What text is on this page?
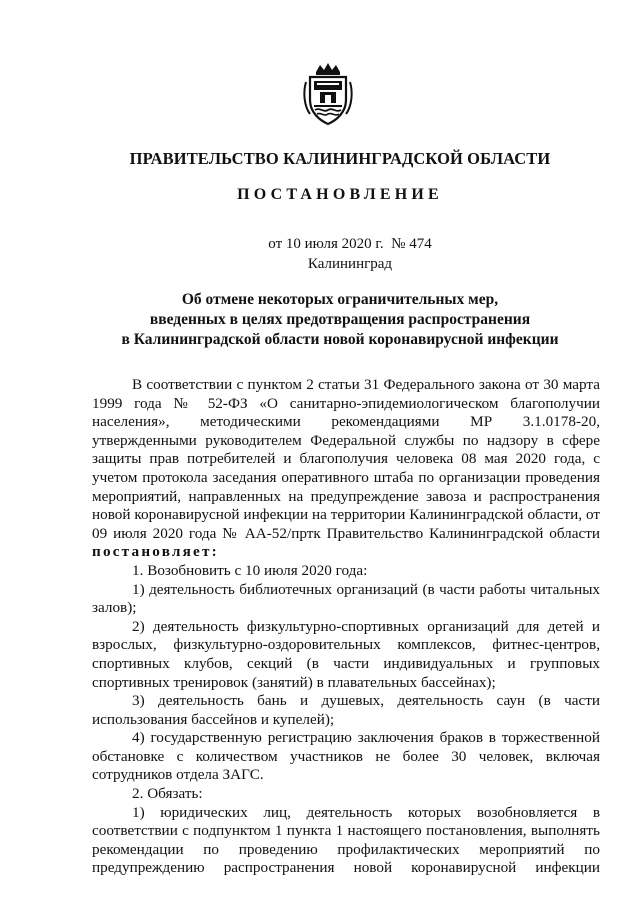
ПРАВИТЕЛЬСТВО КАЛИНИНГРАДСКОЙ ОБЛАСТИ
ПОСТАНОВЛЕНИЕ
от 10 июля 2020 г. № 474
Калининград
Об отмене некоторых ограничительных мер,
введенных в целях предотвращения распространения
в Калининградской области новой коронавирусной инфекции

В соответствии с пунктом 2 статьи 31 Федерального закона от 30 марта 1999 года № 52-ФЗ «О санитарно-эпидемиологическом благополучии населения», методическими рекомендациями МР 3.1.0178-20, утвержденными руководителем Федеральной службы по надзору в сфере защиты прав потребителей и благополучия человека 08 мая 2020 года, с учетом протокола заседания оперативного штаба по организации проведения мероприятий, направленных на предупреждение завоза и распространения новой коронавирусной инфекции на территории Калининградской области, от 09 июля 2020 года № АА-52/пртк Правительство Калининградской области постановляет:

1. Возобновить с 10 июля 2020 года:

1) деятельность библиотечных организаций (в части работы читальных залов);

2) деятельность физкультурно-спортивных организаций для детей и взрослых, физкультурно-оздоровительных комплексов, фитнес-центров, спортивных клубов, секций (в части индивидуальных и групповых спортивных тренировок (занятий) в плавательных бассейнах);

3) деятельность бань и душевых, деятельность саун (в части использования бассейнов и купелей);

4) государственную регистрацию заключения браков в торжественной обстановке с количеством участников не более 30 человек, включая сотрудников отдела ЗАГС.

2. Обязать:

1) юридических лиц, деятельность которых возобновляется в соответствии с подпунктом 1 пункта 1 настоящего постановления, выполнять рекомендации по проведению профилактических мероприятий по предупреждению распространения новой коронавирусной инфекции
